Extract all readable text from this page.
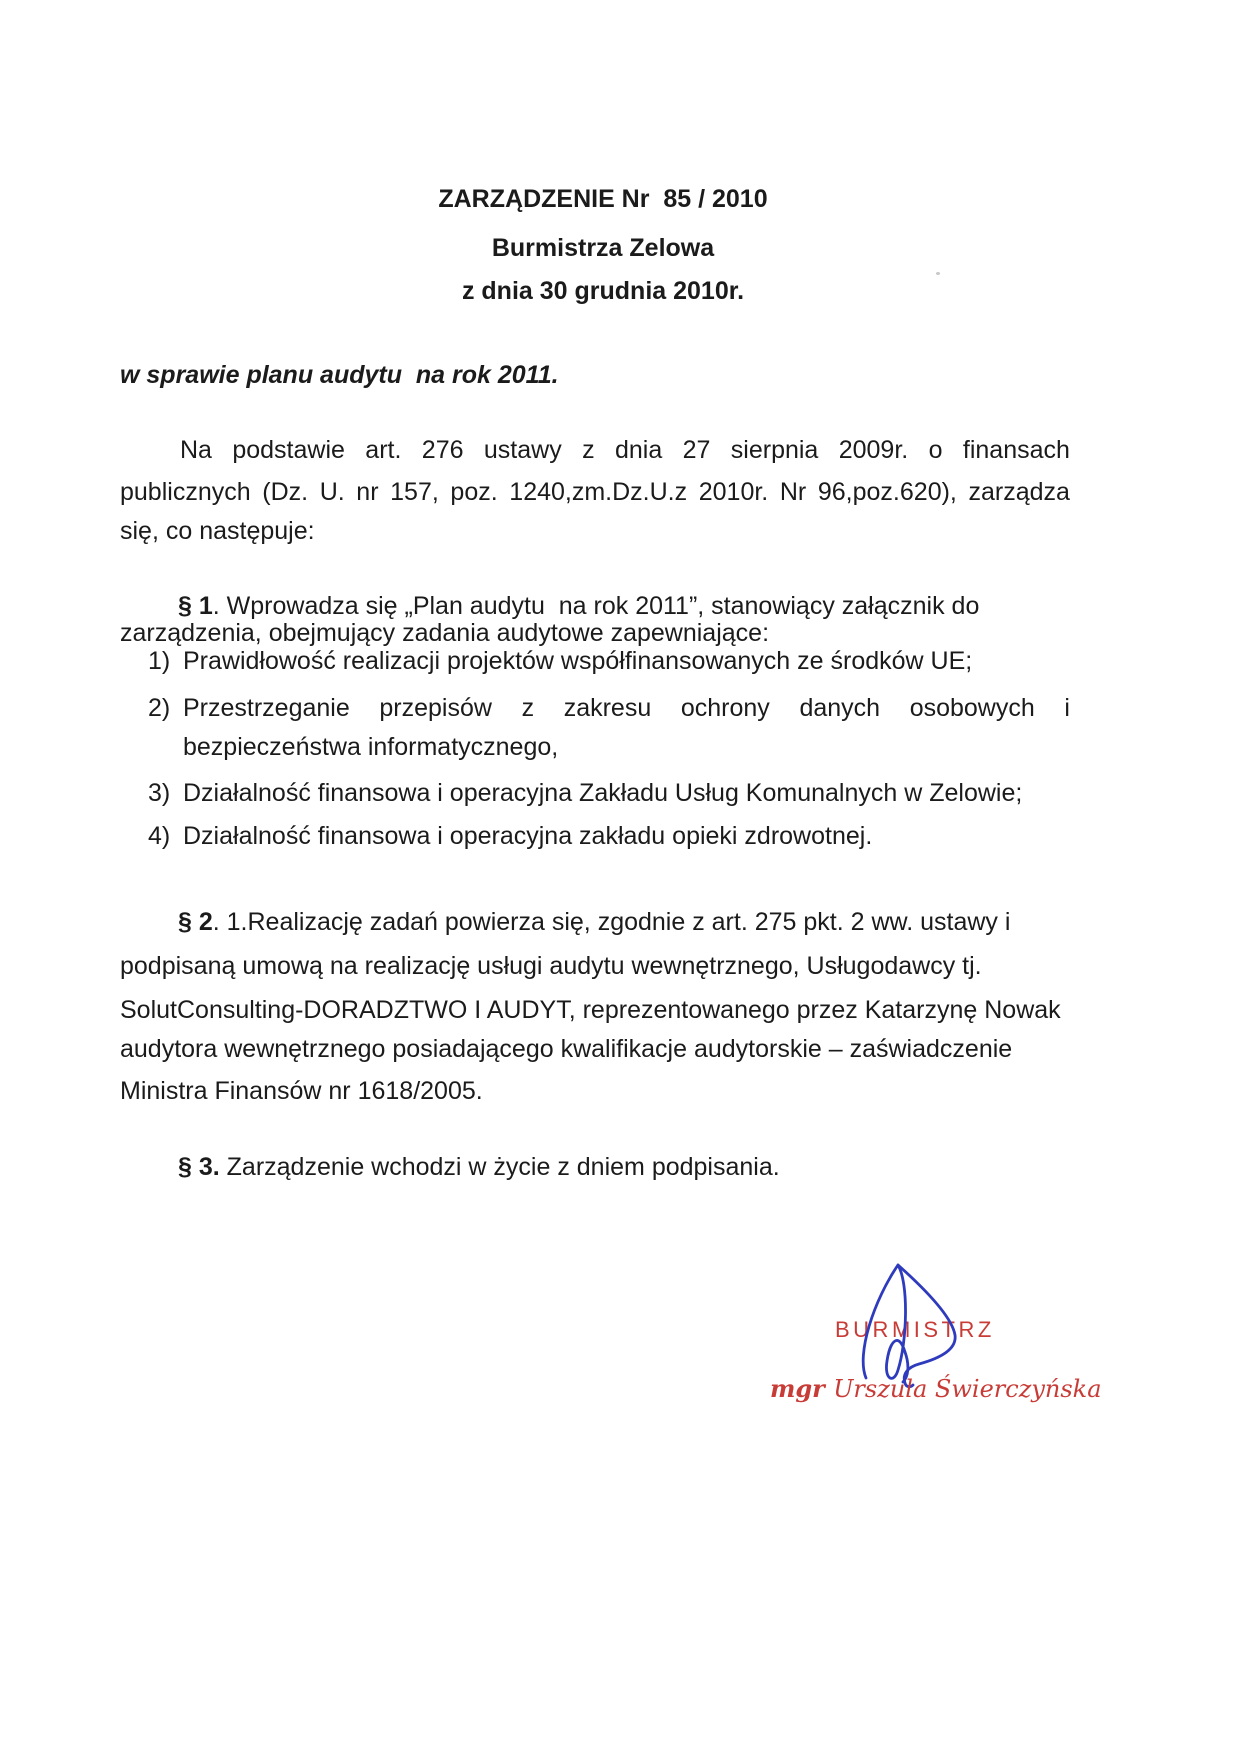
ZARZĄDZENIE Nr  85 / 2010
Burmistrza Zelowa
z dnia 30 grudnia 2010r.
w sprawie planu audytu  na rok 2011.
Na podstawie art. 276 ustawy z dnia 27 sierpnia 2009r. o finansach
publicznych (Dz. U. nr 157, poz. 1240,zm.Dz.U.z 2010r. Nr 96,poz.620), zarządza
się, co następuje:
§ 1. Wprowadza się „Plan audytu  na rok 2011”, stanowiący załącznik do
zarządzenia, obejmujący zadania audytowe zapewniające:
1) Prawidłowość realizacji projektów współfinansowanych ze środków UE;
2) Przestrzeganie przepisów z zakresu ochrony danych osobowych i
bezpieczeństwa informatycznego,
3) Działalność finansowa i operacyjna Zakładu Usług Komunalnych w Zelowie;
4) Działalność finansowa i operacyjna zakładu opieki zdrowotnej.
§ 2. 1.Realizację zadań powierza się, zgodnie z art. 275 pkt. 2 ww. ustawy i
podpisaną umową na realizację usługi audytu wewnętrznego, Usługodawcy tj.
SolutConsulting-DORADZTWO I AUDYT, reprezentowanego przez Katarzynę Nowak
audytora wewnętrznego posiadającego kwalifikacje audytorskie – zaświadczenie
Ministra Finansów nr 1618/2005.
§ 3. Zarządzenie wchodzi w życie z dniem podpisania.
BURMISTRZ
mgr Urszula Świerczyńska
